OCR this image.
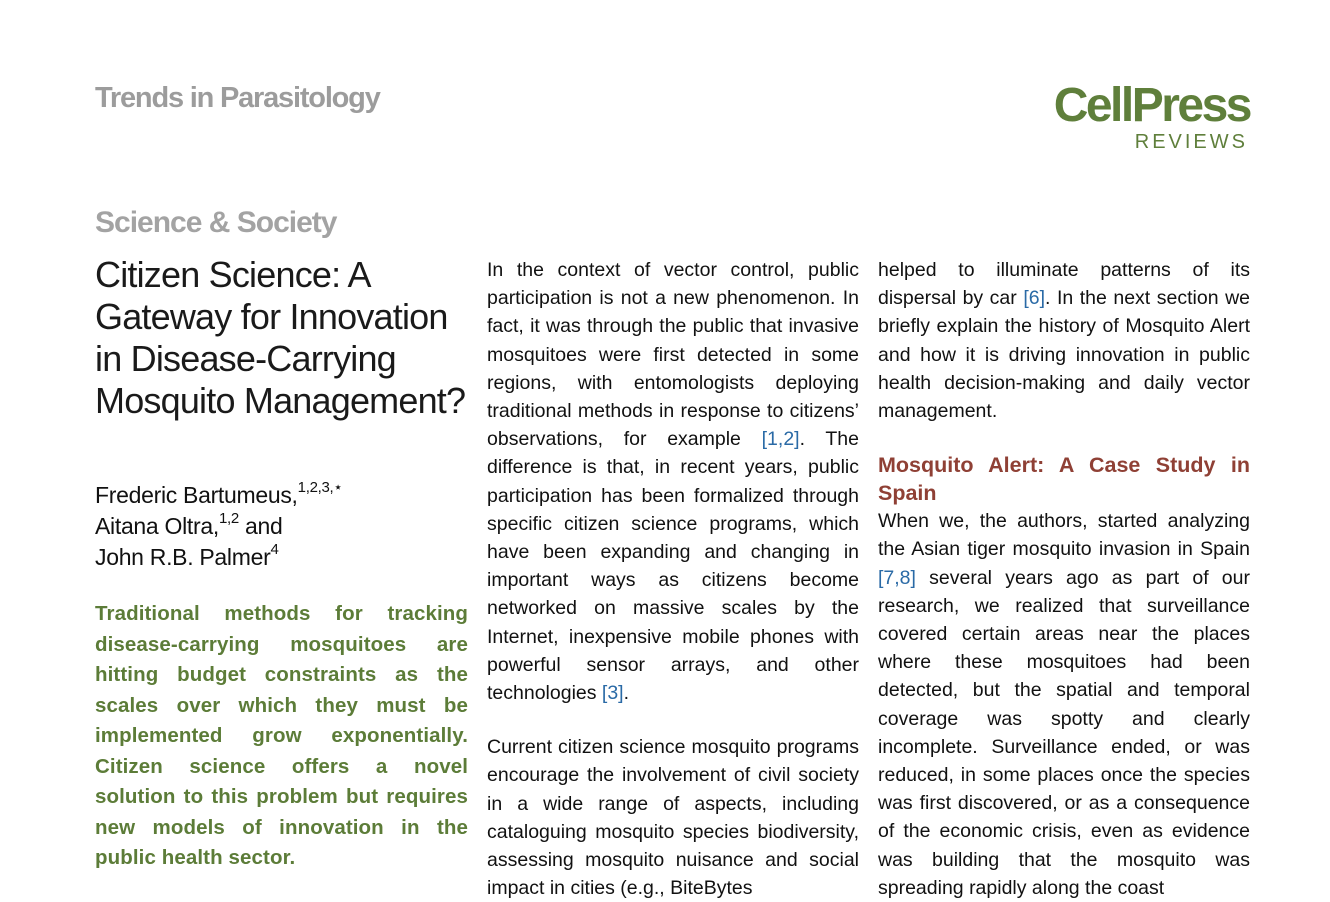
Trends in Parasitology	CellPress
REVIEWS
Science & Society
Citizen Science: A Gateway for Innovation in Disease-Carrying Mosquito Management?
Frederic Bartumeus,$^{1,2,3,⋆}$
Aitana Oltra,$^{1,2}$ and
John R.B. Palmer$^4$

Traditional methods for tracking disease-carrying mosquitoes are hitting budget constraints as the scales over which they must be implemented grow exponentially. Citizen science offers a novel solution to this problem but requires new models of innovation in the public health sector.

In the context of vector control, public participation is not a new phenomenon. In fact, it was through the public that invasive mosquitoes were first detected in some regions, with entomologists deploying traditional methods in response to citizens’ observations, for example [1,2]. The difference is that, in recent years, public participation has been formalized through specific citizen science programs, which have been expanding and changing in important ways as citizens become networked on massive scales by the Internet, inexpensive mobile phones with powerful sensor arrays, and other technologies [3].

Current citizen science mosquito programs encourage the involvement of civil society in a wide range of aspects, including cataloguing mosquito species biodiversity, assessing mosquito nuisance and social impact in cities (e.g., BiteBytes

helped to illuminate patterns of its dispersal by car [6]. In the next section we briefly explain the history of Mosquito Alert and how it is driving innovation in public health decision-making and daily vector management.

Mosquito Alert: A Case Study in Spain

When we, the authors, started analyzing the Asian tiger mosquito invasion in Spain [7,8] several years ago as part of our research, we realized that surveillance covered certain areas near the places where these mosquitoes had been detected, but the spatial and temporal coverage was spotty and clearly incomplete. Surveillance ended, or was reduced, in some places once the species was first discovered, or as a consequence of the economic crisis, even as evidence was building that the mosquito was spreading rapidly along the coast
